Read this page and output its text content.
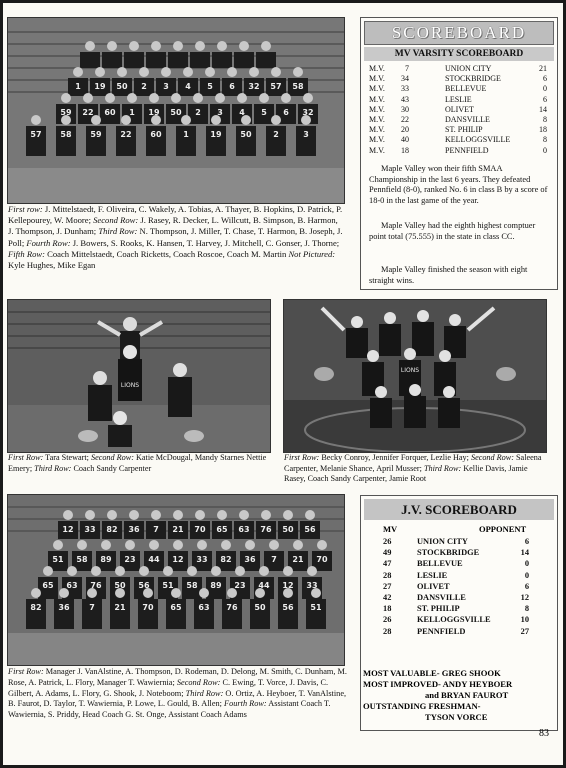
1 19 50 2 3 4 5 6 32 57 58
59 22 60 1 19 50 2 3 4 5 6 32
57 58 59 22 60	1	19 50	2	3
First row: J. Mittelstaedt, F. Oliveira, C. Wakely, A. Tobias, A. Thayer, B. Hopkins, D. Patrick, P. Kellepourey, W. Moore; Second Row: J. Rasey, R. Decker, L. Willcutt, B. Simpson, B. Harmon, J. Thompson, J. Dunham; Third Row: N. Thompson, J. Miller, T. Chase, T. Harmon, B. Joseph, J. Poll; Fourth Row: J. Bowers, S. Rooks, K. Hansen, T. Harvey, J. Mitchell, C. Gonser, J. Thorne; Fifth Row: Coach Mittelstaedt, Coach Ricketts, Coach Roscoe, Coach M. Martin Not Pictured: Kyle Hughes, Mike Egan
SCOREBOARD
MV VARSITY SCOREBOARD
M.V.	7	UNION CITY	21
M.V. 34	STOCKBRIDGE	6
M.V. 33	BELLEVUE	0
M.V. 43	LESLIE	6
M.V. 30	OLIVET	14
M.V. 22	DANSVILLE	8
M.V. 20	ST. PHILIP	18
M.V. 40	KELLOGGSVILLE	8
M.V. 18	PENNFIELD	0
Maple Valley won their fifth SMAA Championship in the last 6 years. They defeated Pennfield (8-0), ranked No. 6 in class B by a score of 18-0 in the last game of the year.
Maple Valley had the eighth highest comptuer point total (75.555) in the state in class CC.
Maple Valley finished the season with eight straight wins.
LIONS
First Row: Tara Stewart; Second Row: Katie McDougal, Mandy Starnes Nettie Emery; Third Row: Coach Sandy Carpenter
LIONS
First Row: Becky Conroy, Jennifer Forquer, Lezlie Hay; Second Row: Saleena Carpenter, Melanie Shance, April Musser; Third Row: Kellie Davis, Jamie Rasey, Coach Sandy Carpenter, Jamie Root
12 33 82 36 7 21 70 65 63 76 50 56
51 58 89 23 44 12 33 82 36 7 21 70
65 63 76 50 56 51 58 89 23 44 12 33
82 36 7 21 70 65 63 76 50 56 51
First Row: Manager J. VanAlstine, A. Thompson, D. Rodeman, D. Delong, M. Smith, C. Dunham, M. Rose, A. Patrick, L. Flory, Manager T. Wawiernia; Second Row: C. Ewing, T. Vorce, J. Davis, C. Gilbert, A. Adams, L. Flory, G. Shook, J. Noteboom; Third Row: O. Ortiz, A. Heyboer, T. VanAlstine, B. Faurot, D. Taylor, T. Wawiernia, P. Lowe, L. Gould, B. Allen; Fourth Row: Assistant Coach T. Wawiernia, S. Priddy, Head Coach G. St. Onge, Assistant Coach Adams
J.V. SCOREBOARD
MV	OPPONENT
26	UNION CITY	6
49	STOCKBRIDGE	14
47	BELLEVUE	0
28	LESLIE	0
27	OLIVET	6
42	DANSVILLE	12
18	ST. PHILIP	8
26	KELLOGGSVILLE	10
28	PENNFIELD	27
MOST VALUABLE- GREG SHOOK
MOST IMPROVED- ANDY HEYBOER
and BRYAN FAUROT
OUTSTANDING FRESHMAN-
TYSON VORCE
83
